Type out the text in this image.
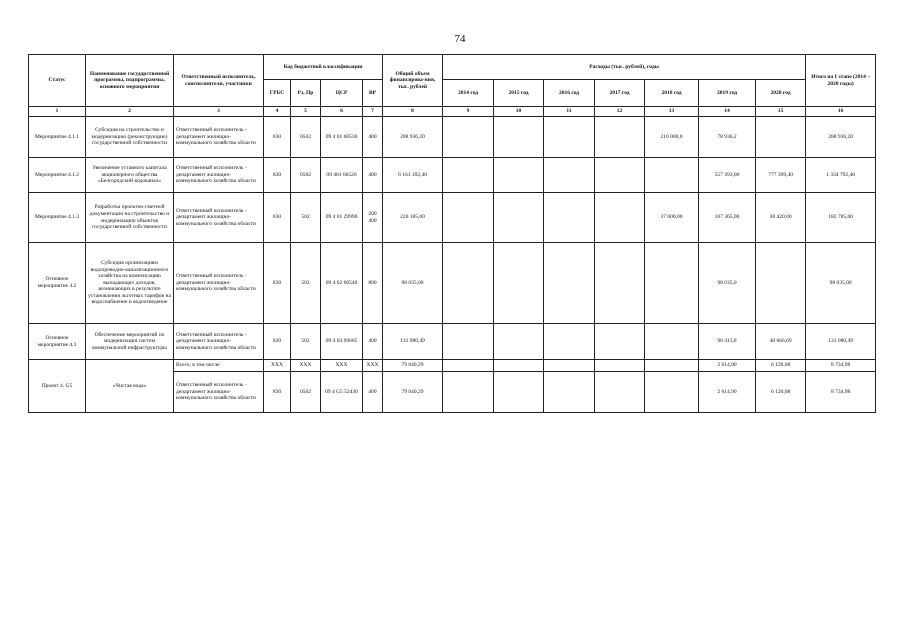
74
Статус	Наименование государственной программы, подпрограммы, основного мероприятия	Ответственный исполнитель, соисполнители, участники	Код бюджетной классификации				Общий объем финансирова-ния, тыс. рублей	Расходы (тыс. рублей), годы							Итого на I этапе (2014 – 2020 годы)
			ГРБС	Рз, Пр	ЦСР	ВР		2014 год	2015 год	2016 год	2017 год	2018 год	2019 год	2020 год	
1	2	3	4	5	6	7	8	9	10	11	12	13	14	15	16
Мероприятие 4.1.1	Субсидия на строительство и модернизацию (реконструкцию) государственной собственности	Ответственный исполнитель - департамент жилищно-коммунального хозяйства области	830	0502	09 4 01 60530	400	288 936,20					210 000,0	78 936,2		288 936,20
Мероприятие 4.1.2	Увеличение уставного капитала акционерного общества «Белгородский водоканал»	Ответственный исполнитель - департамент жилищно-коммунального хозяйства области	830	0502	09 401 60520	400	6 161 392,40						557 393,00	777 399,40	1 334 792,40
Мероприятие 4.1.3	Разработка проектно-сметной документации на строительство и модернизацию объектов государственной собственности	Ответственный исполнитель - департамент жилищно-коммунального хозяйства области	830	502	09 4 01 29990	200 400	226 185,00					37 000,00	107 365,00	38 420,00	182 785,00
Основное мероприятие 4.2	Субсидия организациям водопроводно-канализационного хозяйства на компенсацию выпадающих доходов, возникающих в результате установления льготных тарифов на водоснабжение и водоотведение	Ответственный исполнитель - департамент жилищно-коммунального хозяйства области	830	502	09 4 02 60540	800	98 035,00						98 035,0		98 035,00
Основное мероприятие 4.3	Обеспечение мероприятий по модернизации систем коммунальной инфраструктуры	Ответственный исполнитель - департамент жилищно-коммунального хозяйства области	830	502	09 4 03 09605	400	131 080,49						90 413,8	40 666,69	131 080,49
Проект 4. G5	«Чистая вода»	Всего, в том числе:	XXX	XXX	XXX	XXX	79 040,29						2 614,90	6 120,08	8 734,98
		Ответственный исполнитель - департамент жилищно-коммунального хозяйства области	830	0502	09 4 G5 52430	400	79 040,29						2 614,90	6 120,08	8 734,98
